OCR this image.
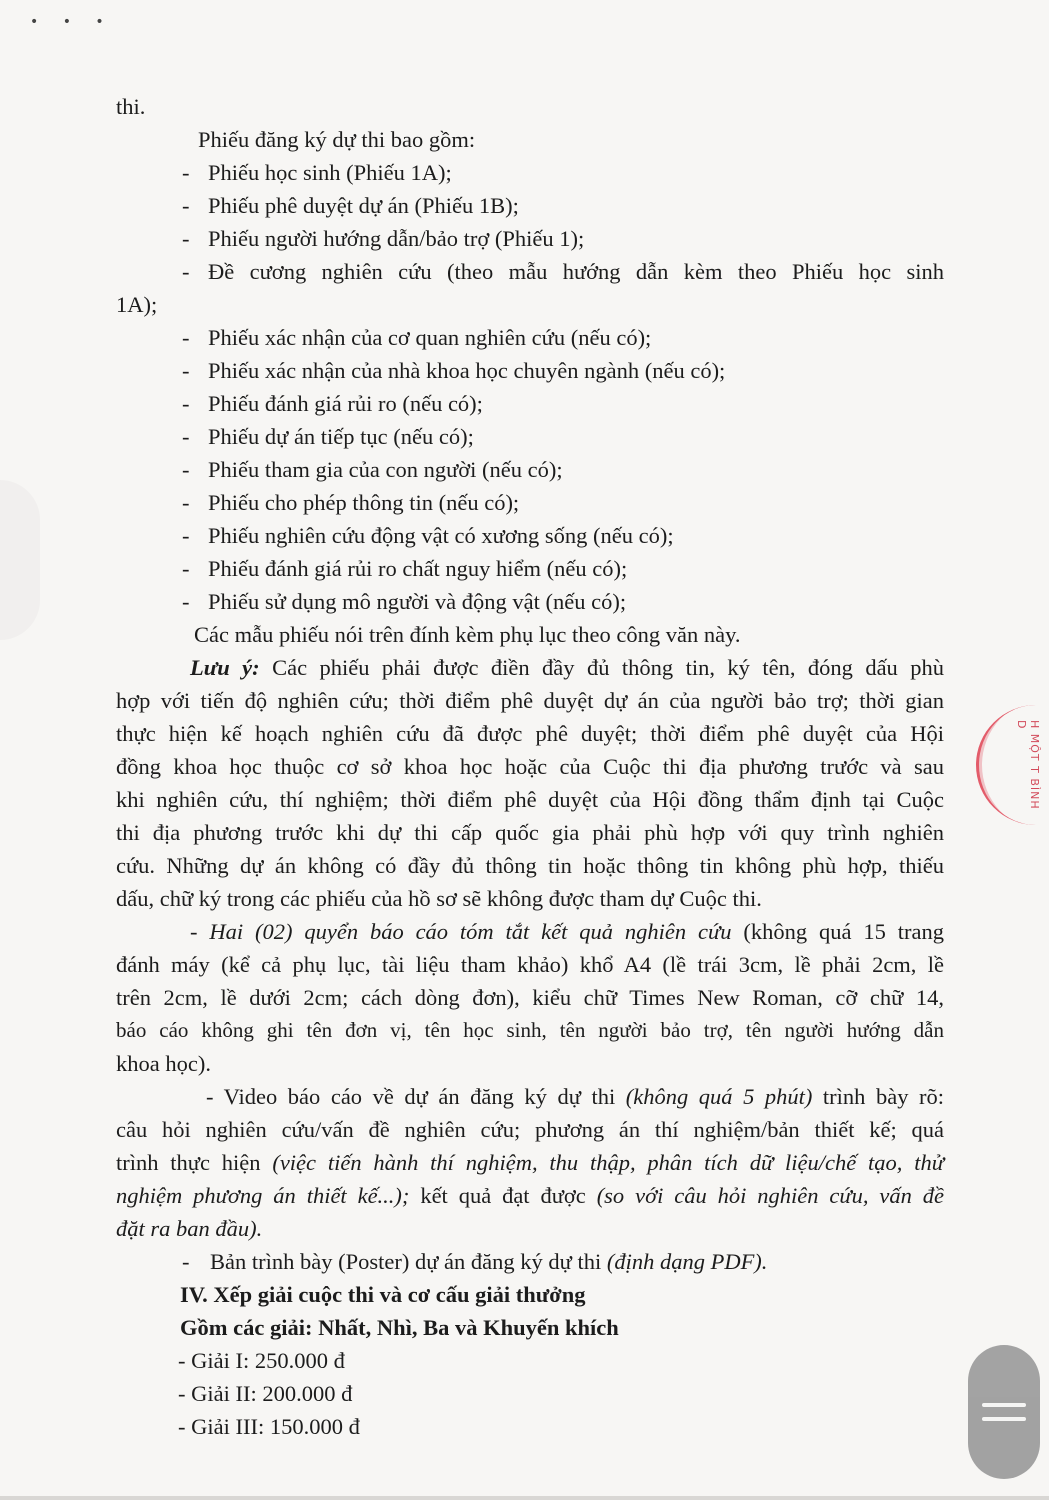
• • •
thi.
Phiếu đăng ký dự thi bao gồm:
- Phiếu học sinh (Phiếu 1A);
- Phiếu phê duyệt dự án (Phiếu 1B);
- Phiếu người hướng dẫn/bảo trợ (Phiếu 1);
- Đề cương nghiên cứu (theo mẫu hướng dẫn kèm theo Phiếu học sinh
1A);
- Phiếu xác nhận của cơ quan nghiên cứu (nếu có);
- Phiếu xác nhận của nhà khoa học chuyên ngành (nếu có);
- Phiếu đánh giá rủi ro (nếu có);
- Phiếu dự án tiếp tục (nếu có);
- Phiếu tham gia của con người (nếu có);
- Phiếu cho phép thông tin (nếu có);
- Phiếu nghiên cứu động vật có xương sống (nếu có);
- Phiếu đánh giá rủi ro chất nguy hiểm (nếu có);
- Phiếu sử dụng mô người và động vật (nếu có);
Các mẫu phiếu nói trên đính kèm phụ lục theo công văn này.
Lưu ý: Các phiếu phải được điền đầy đủ thông tin, ký tên, đóng dấu phù
hợp với tiến độ nghiên cứu; thời điểm phê duyệt dự án của người bảo trợ; thời gian
thực hiện kế hoạch nghiên cứu đã được phê duyệt; thời điểm phê duyệt của Hội
đồng khoa học thuộc cơ sở khoa học hoặc của Cuộc thi địa phương trước và sau
khi nghiên cứu, thí nghiệm; thời điểm phê duyệt của Hội đồng thẩm định tại Cuộc
thi địa phương trước khi dự thi cấp quốc gia phải phù hợp với quy trình nghiên
cứu. Những dự án không có đầy đủ thông tin hoặc thông tin không phù hợp, thiếu
dấu, chữ ký trong các phiếu của hồ sơ sẽ không được tham dự Cuộc thi.
- Hai (02) quyển báo cáo tóm tắt kết quả nghiên cứu (không quá 15 trang
đánh máy (kể cả phụ lục, tài liệu tham khảo) khổ A4 (lề trái 3cm, lề phải 2cm, lề
trên 2cm, lề dưới 2cm; cách dòng đơn), kiểu chữ Times New Roman, cỡ chữ 14,
báo cáo không ghi tên đơn vị, tên học sinh, tên người bảo trợ, tên người hướng dẫn
khoa học).
- Video báo cáo về dự án đăng ký dự thi (không quá 5 phút) trình bày rõ:
câu hỏi nghiên cứu/vấn đề nghiên cứu; phương án thí nghiệm/bản thiết kế; quá
trình thực hiện (việc tiến hành thí nghiệm, thu thập, phân tích dữ liệu/chế tạo, thử
nghiệm phương án thiết kế...); kết quả đạt được (so với câu hỏi nghiên cứu, vấn đề
đặt ra ban đầu).
- Bản trình bày (Poster) dự án đăng ký dự thi (định dạng PDF).
IV. Xếp giải cuộc thi và cơ cấu giải thưởng
Gồm các giải: Nhất, Nhì, Ba và Khuyến khích
- Giải I: 250.000 đ
- Giải II: 200.000 đ
- Giải III: 150.000 đ
H MỘT T BÌNH D
